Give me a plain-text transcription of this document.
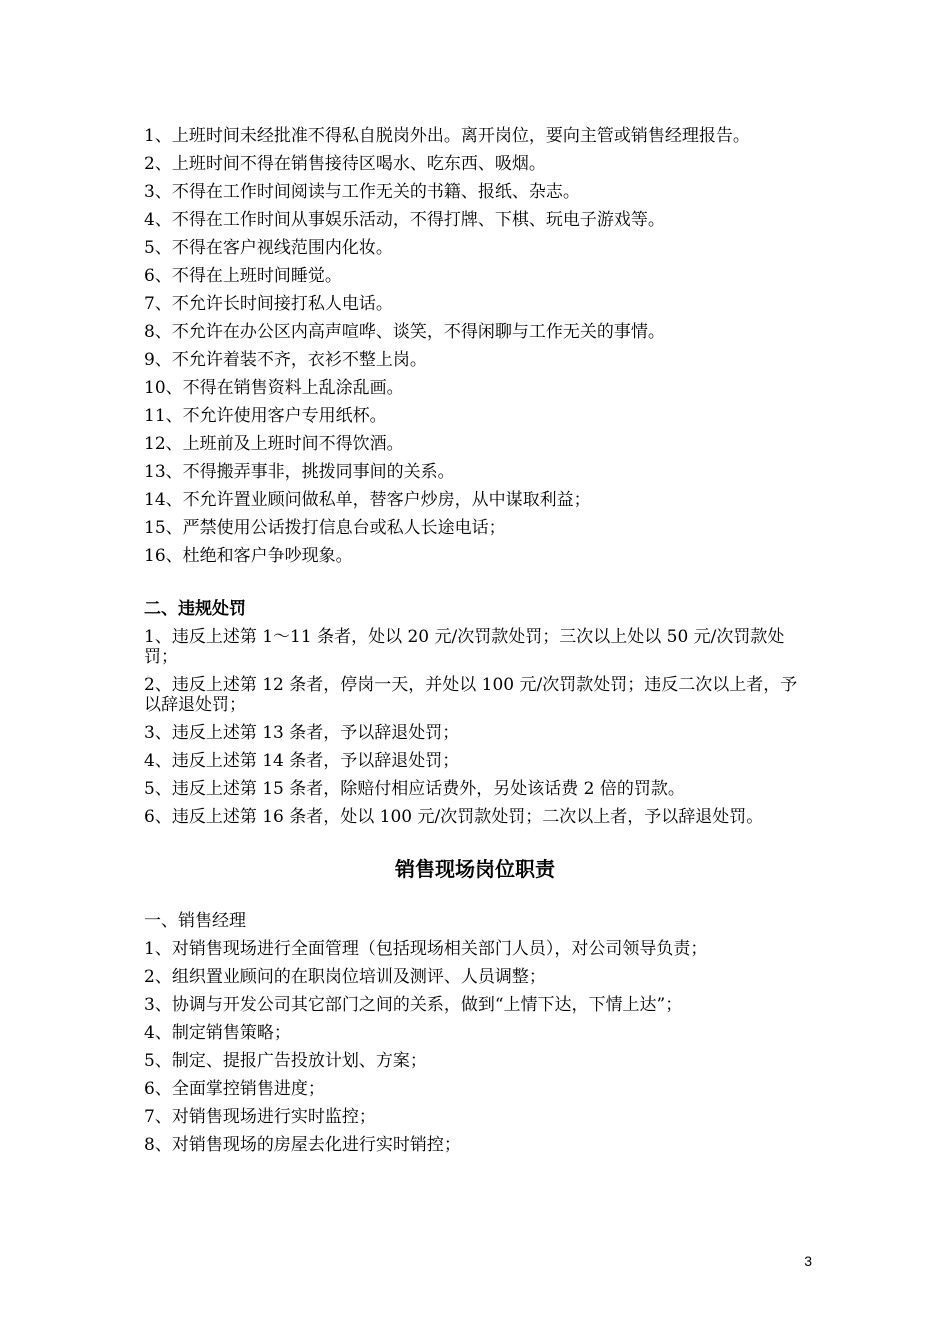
1、上班时间未经批准不得私自脱岗外出。离开岗位，要向主管或销售经理报告。

2、上班时间不得在销售接待区喝水、吃东西、吸烟。

3、不得在工作时间阅读与工作无关的书籍、报纸、杂志。

4、不得在工作时间从事娱乐活动，不得打牌、下棋、玩电子游戏等。

5、不得在客户视线范围内化妆。

6、不得在上班时间睡觉。

7、不允许长时间接打私人电话。

8、不允许在办公区内高声喧哗、谈笑，不得闲聊与工作无关的事情。

9、不允许着装不齐，衣衫不整上岗。

10、不得在销售资料上乱涂乱画。

11、不允许使用客户专用纸杯。

12、上班前及上班时间不得饮酒。

13、不得搬弄事非，挑拨同事间的关系。

14、不允许置业顾问做私单，替客户炒房，从中谋取利益；

15、严禁使用公话拨打信息台或私人长途电话；

16、杜绝和客户争吵现象。

二、违规处罚

1、违反上述第 1～11 条者，处以 20 元/次罚款处罚；三次以上处以 50 元/次罚款处罚；

2、违反上述第 12 条者，停岗一天，并处以 100 元/次罚款处罚；违反二次以上者，予以辞退处罚；

3、违反上述第 13 条者，予以辞退处罚；

4、违反上述第 14 条者，予以辞退处罚；

5、违反上述第 15 条者，除赔付相应话费外，另处该话费 2 倍的罚款。

6、违反上述第 16 条者，处以 100 元/次罚款处罚；二次以上者，予以辞退处罚。

销售现场岗位职责

一、销售经理

1、对销售现场进行全面管理（包括现场相关部门人员），对公司领导负责；

2、组织置业顾问的在职岗位培训及测评、人员调整；

3、协调与开发公司其它部门之间的关系，做到“上情下达，下情上达”；

4、制定销售策略；

5、制定、提报广告投放计划、方案；

6、全面掌控销售进度；

7、对销售现场进行实时监控；

8、对销售现场的房屋去化进行实时销控；

3
